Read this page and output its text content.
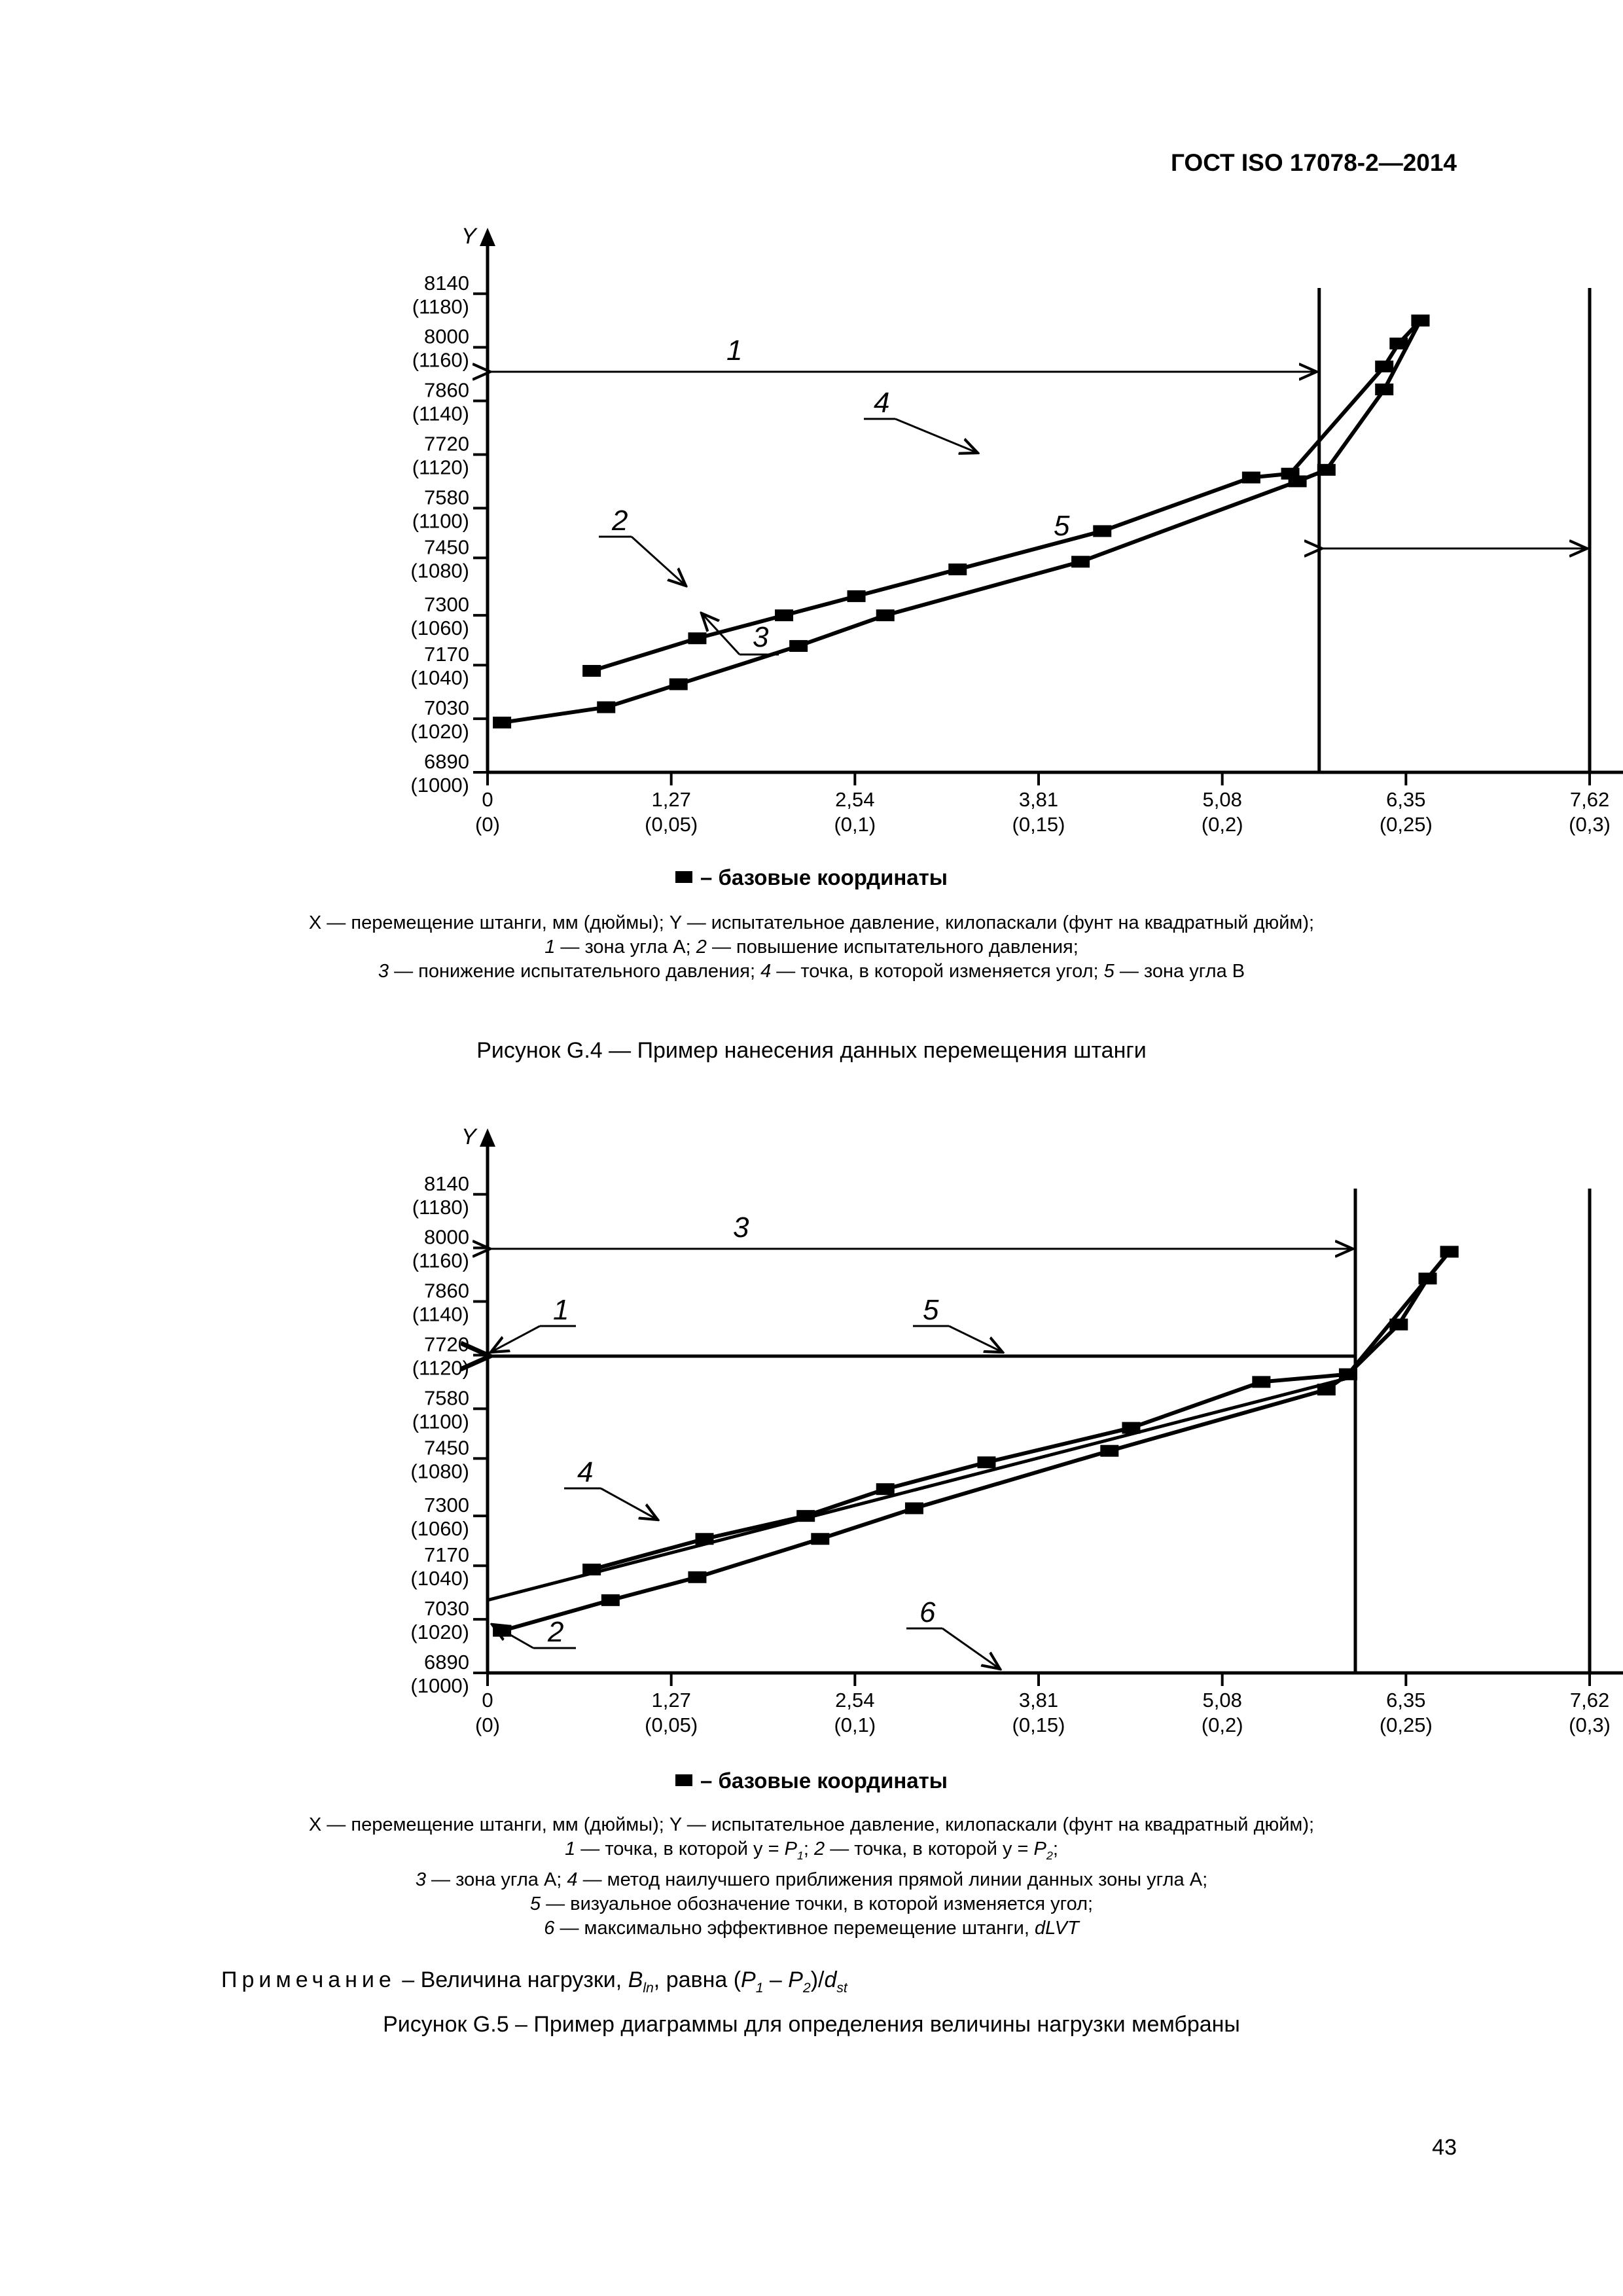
ГОСТ ISO 17078-2—2014
Y
6890
(1000)
7030
(1020)
7170
(1040)
7300
(1060)
7450
(1080)
7580
(1100)
7720
(1120)
7860
(1140)
8000
(1160)
8140
(1180)
0
(0)
1,27
(0,05)
2,54
(0,1)
3,81
(0,15)
5,08
(0,2)
6,35
(0,25)
7,62
(0,3)
1
5
2
3
4
– базовые координаты
X — перемещение штанги, мм (дюймы); Y — испытательное давление, килопаскали (фунт на квадратный дюйм);
1 — зона угла А; 2 — повышение испытательного давления;
3 — понижение испытательного давления; 4 — точка, в которой изменяется угол; 5 — зона угла В
Рисунок G.4 — Пример нанесения данных перемещения штанги
Y
6890
(1000)
7030
(1020)
7170
(1040)
7300
(1060)
7450
(1080)
7580
(1100)
7720
(1120)
7860
(1140)
8000
(1160)
8140
(1180)
0
(0)
1,27
(0,05)
2,54
(0,1)
3,81
(0,15)
5,08
(0,2)
6,35
(0,25)
7,62
(0,3)
3
1	5
4
2
6
– базовые координаты
X — перемещение штанги, мм (дюймы); Y — испытательное давление, килопаскали (фунт на квадратный дюйм);
1 — точка, в которой $у = P_1$; 2 — точка, в которой $у = P_2$;
3 — зона угла А; 4 — метод наилучшего приближения прямой линии данных зоны угла А;
5 — визуальное обозначение точки, в которой изменяется угол;
6 — максимально эффективное перемещение штанги, dLVT
Примечание – Величина нагрузки, $B_{ln}$, равна $(P_1 - P_2)/d_{st}$
Рисунок G.5 – Пример диаграммы для определения величины нагрузки мембраны
43
